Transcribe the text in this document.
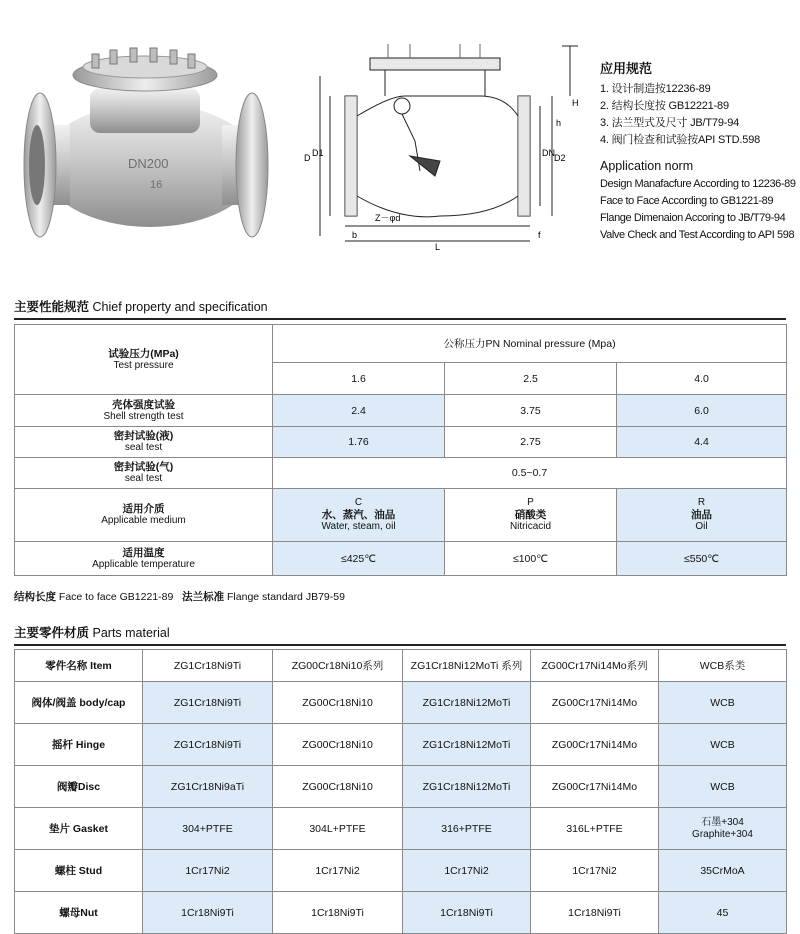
DN200
16
D D1	DN D2
H
h
Z－φd
b
L
f
应用规范
1. 设计制造按12236-89
2. 结构长度按 GB12221-89
3. 法兰型式及尺寸 JB/T79-94
4. 阀门检查和试验按API STD.598
Application norm
Design Manafacfure According to 12236-89
Face to Face According to GB1221-89
Flange Dimenaion Accoring to JB/T79-94
Valve Check and Test According to API 598
主要性能规范 Chief property and specification
试验压力(MPa)
Test pressure	公称压力PN Nominal pressure (Mpa)		
	1.6	2.5	4.0

壳体强度试验
Shell strength test	2.4	3.75	6.0

密封试验(液)
seal test	1.76	2.75	4.4

密封试验(气)
seal test	0.5~0.7		

适用介质
Applicable medium	C
水、蒸汽、油品
Water, steam, oil	P
硝酸类
Nitricacid	R
油品
Oil

适用温度
Applicable temperature	≤425℃	≤100℃	≤550℃
结构长度 Face to face GB1221-89 法兰标准 Flange standard JB79-59
主要零件材质 Parts material
零件名称 Item	ZG1Cr18Ni9Ti	ZG00Cr18Ni10系列	ZG1Cr18Ni12MoTi 系列	ZG00Cr17Ni14Mo系列	WCB系类
阀体/阀盖 body/cap	ZG1Cr18Ni9Ti	ZG00Cr18Ni10	ZG1Cr18Ni12MoTi	ZG00Cr17Ni14Mo	WCB
摇杆 Hinge	ZG1Cr18Ni9Ti	ZG00Cr18Ni10	ZG1Cr18Ni12MoTi	ZG00Cr17Ni14Mo	WCB
阀瓣Disc	ZG1Cr18Ni9aTi	ZG00Cr18Ni10	ZG1Cr18Ni12MoTi	ZG00Cr17Ni14Mo	WCB
垫片 Gasket	304+PTFE	304L+PTFE	316+PTFE	316L+PTFE	石墨+304
Graphite+304

螺柱 Stud	1Cr17Ni2	1Cr17Ni2	1Cr17Ni2	1Cr17Ni2	35CrMoA
螺母Nut	1Cr18Ni9Ti	1Cr18Ni9Ti	1Cr18Ni9Ti	1Cr18Ni9Ti	45
